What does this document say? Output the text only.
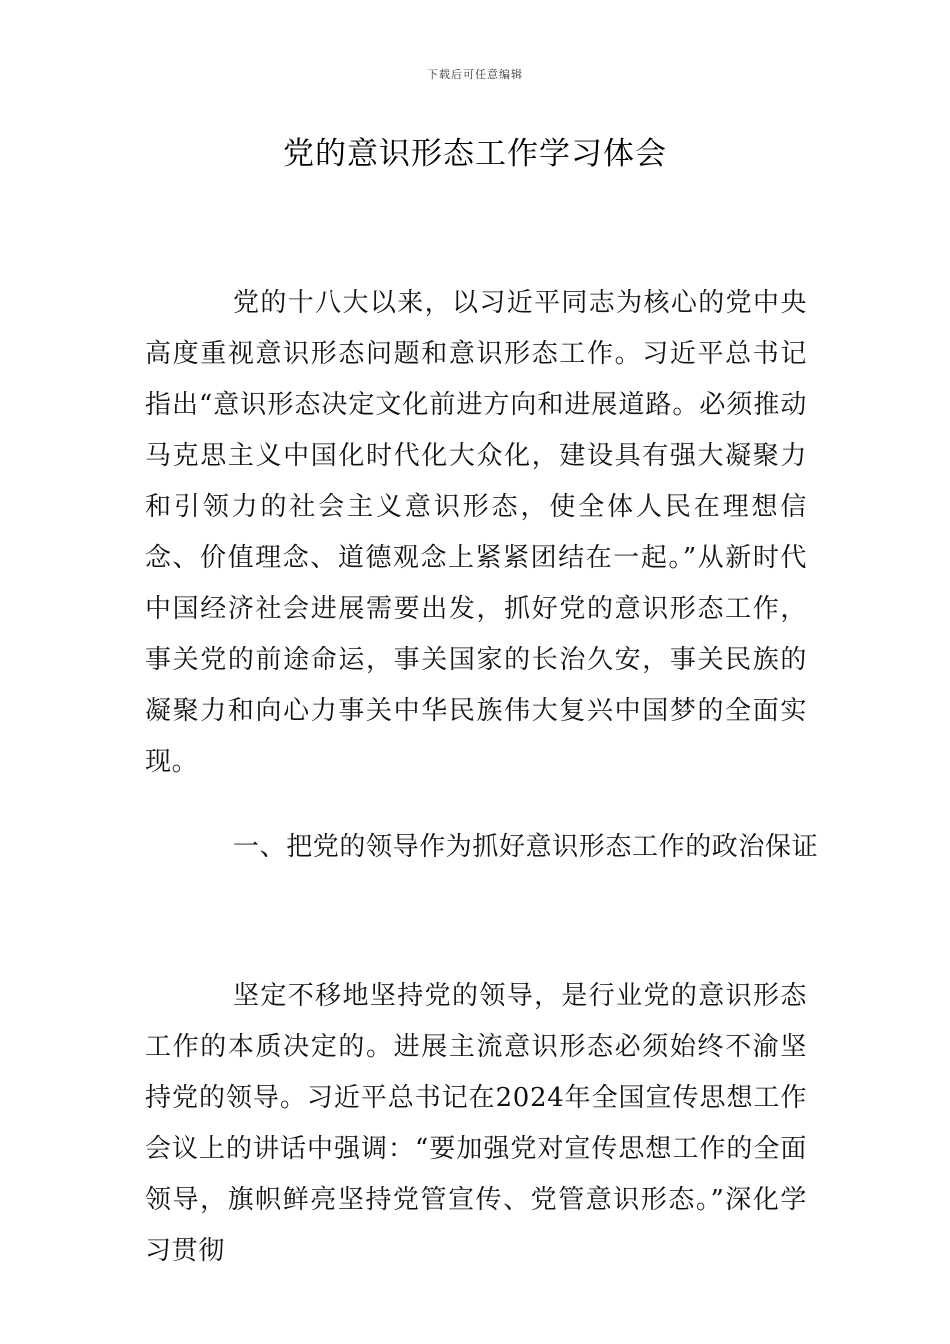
下载后可任意编辑
党的意识形态工作学习体会

党的十八大以来，以习近平同志为核心的党中央高度重视意识形态问题和意识形态工作。习近平总书记指出“意识形态决定文化前进方向和进展道路。必须推动马克思主义中国化时代化大众化，建设具有强大凝聚力和引领力的社会主义意识形态，使全体人民在理想信念、价值理念、道德观念上紧紧团结在一起。”从新时代中国经济社会进展需要出发，抓好党的意识形态工作，事关党的前途命运，事关国家的长治久安，事关民族的凝聚力和向心力事关中华民族伟大复兴中国梦的全面实现。

一、把党的领导作为抓好意识形态工作的政治保证

坚定不移地坚持党的领导，是行业党的意识形态工作的本质决定的。进展主流意识形态必须始终不渝坚持党的领导。习近平总书记在2024年全国宣传思想工作会议上的讲话中强调：“要加强党对宣传思想工作的全面领导，旗帜鲜亮坚持党管宣传、党管意识形态。”深化学习贯彻
